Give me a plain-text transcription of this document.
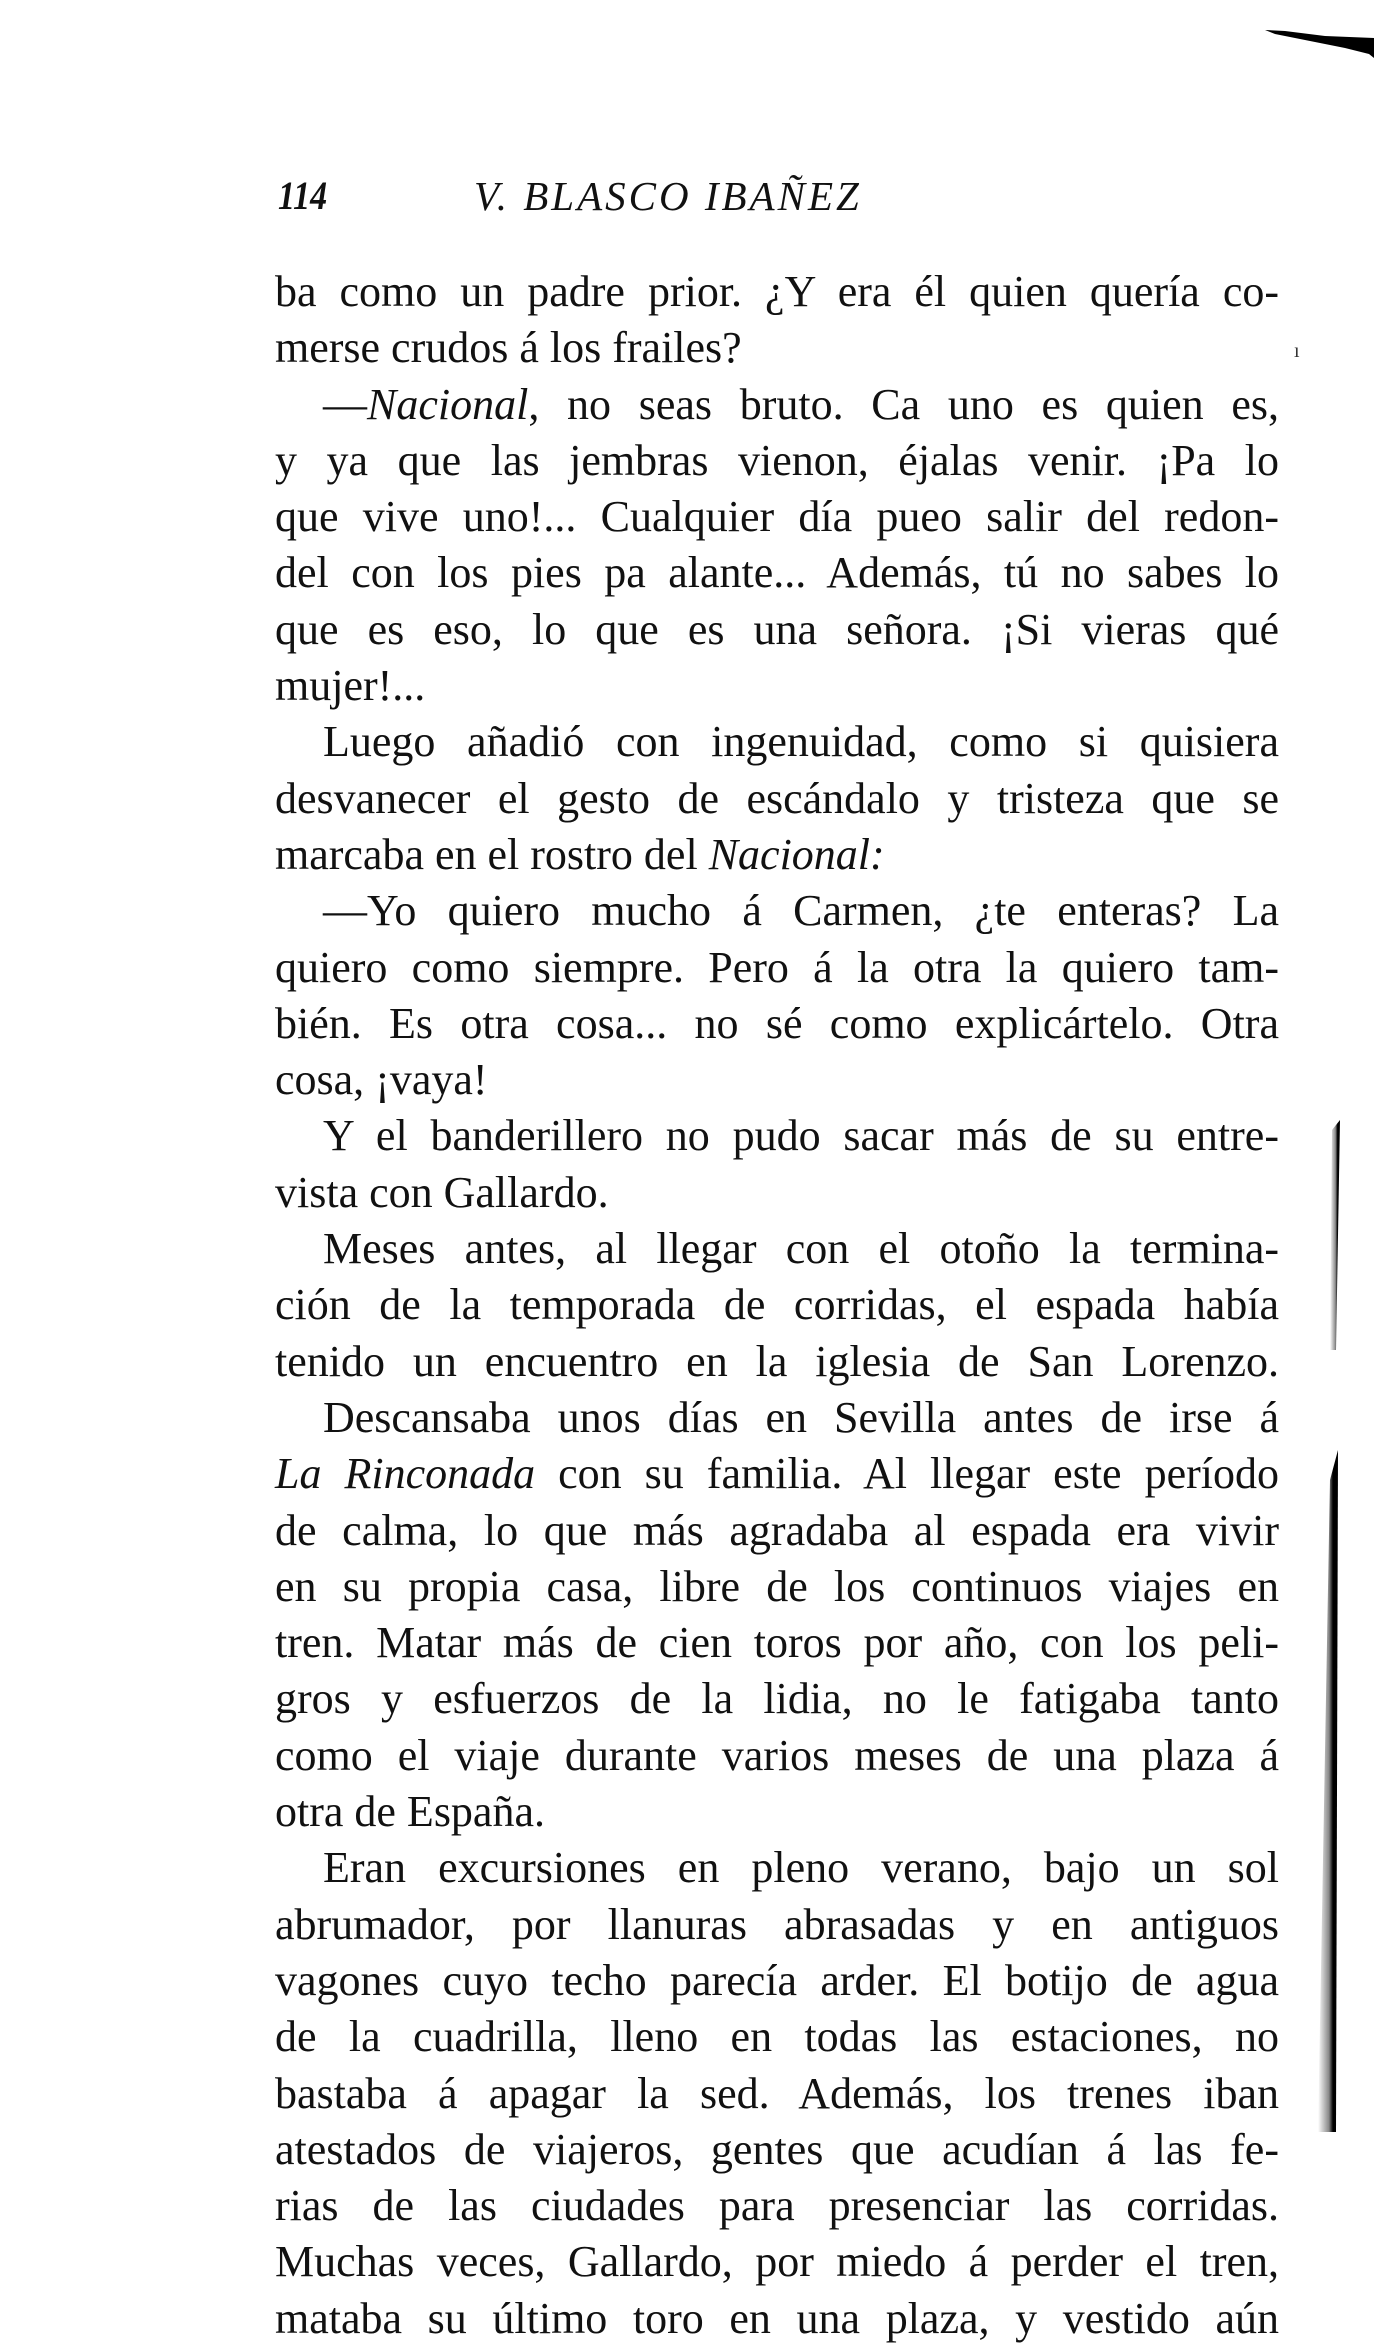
114	V. BLASCO IBAÑEZ
ba como un padre prior. ¿Y era él quien quería co-
merse crudos á los frailes?
—Nacional, no seas bruto. Ca uno es quien es,
y ya que las jembras vienon, éjalas venir. ¡Pa lo
que vive uno!... Cualquier día pueo salir del redon-
del con los pies pa alante... Además, tú no sabes lo
que es eso, lo que es una señora. ¡Si vieras qué
mujer!...
Luego añadió con ingenuidad, como si quisiera
desvanecer el gesto de escándalo y tristeza que se
marcaba en el rostro del Nacional:
—Yo quiero mucho á Carmen, ¿te enteras? La
quiero como siempre. Pero á la otra la quiero tam-
bién. Es otra cosa... no sé como explicártelo. Otra
cosa, ¡vaya!
Y el banderillero no pudo sacar más de su entre-
vista con Gallardo.
Meses antes, al llegar con el otoño la termina-
ción de la temporada de corridas, el espada había
tenido un encuentro en la iglesia de San Lorenzo.
Descansaba unos días en Sevilla antes de irse á
La Rinconada con su familia. Al llegar este período
de calma, lo que más agradaba al espada era vivir
en su propia casa, libre de los continuos viajes en
tren. Matar más de cien toros por año, con los peli-
gros y esfuerzos de la lidia, no le fatigaba tanto
como el viaje durante varios meses de una plaza á
otra de España.
Eran excursiones en pleno verano, bajo un sol
abrumador, por llanuras abrasadas y en antiguos
vagones cuyo techo parecía arder. El botijo de agua
de la cuadrilla, lleno en todas las estaciones, no
bastaba á apagar la sed. Además, los trenes iban
atestados de viajeros, gentes que acudían á las fe-
rias de las ciudades para presenciar las corridas.
Muchas veces, Gallardo, por miedo á perder el tren,
mataba su último toro en una plaza, y vestido aún
ı
